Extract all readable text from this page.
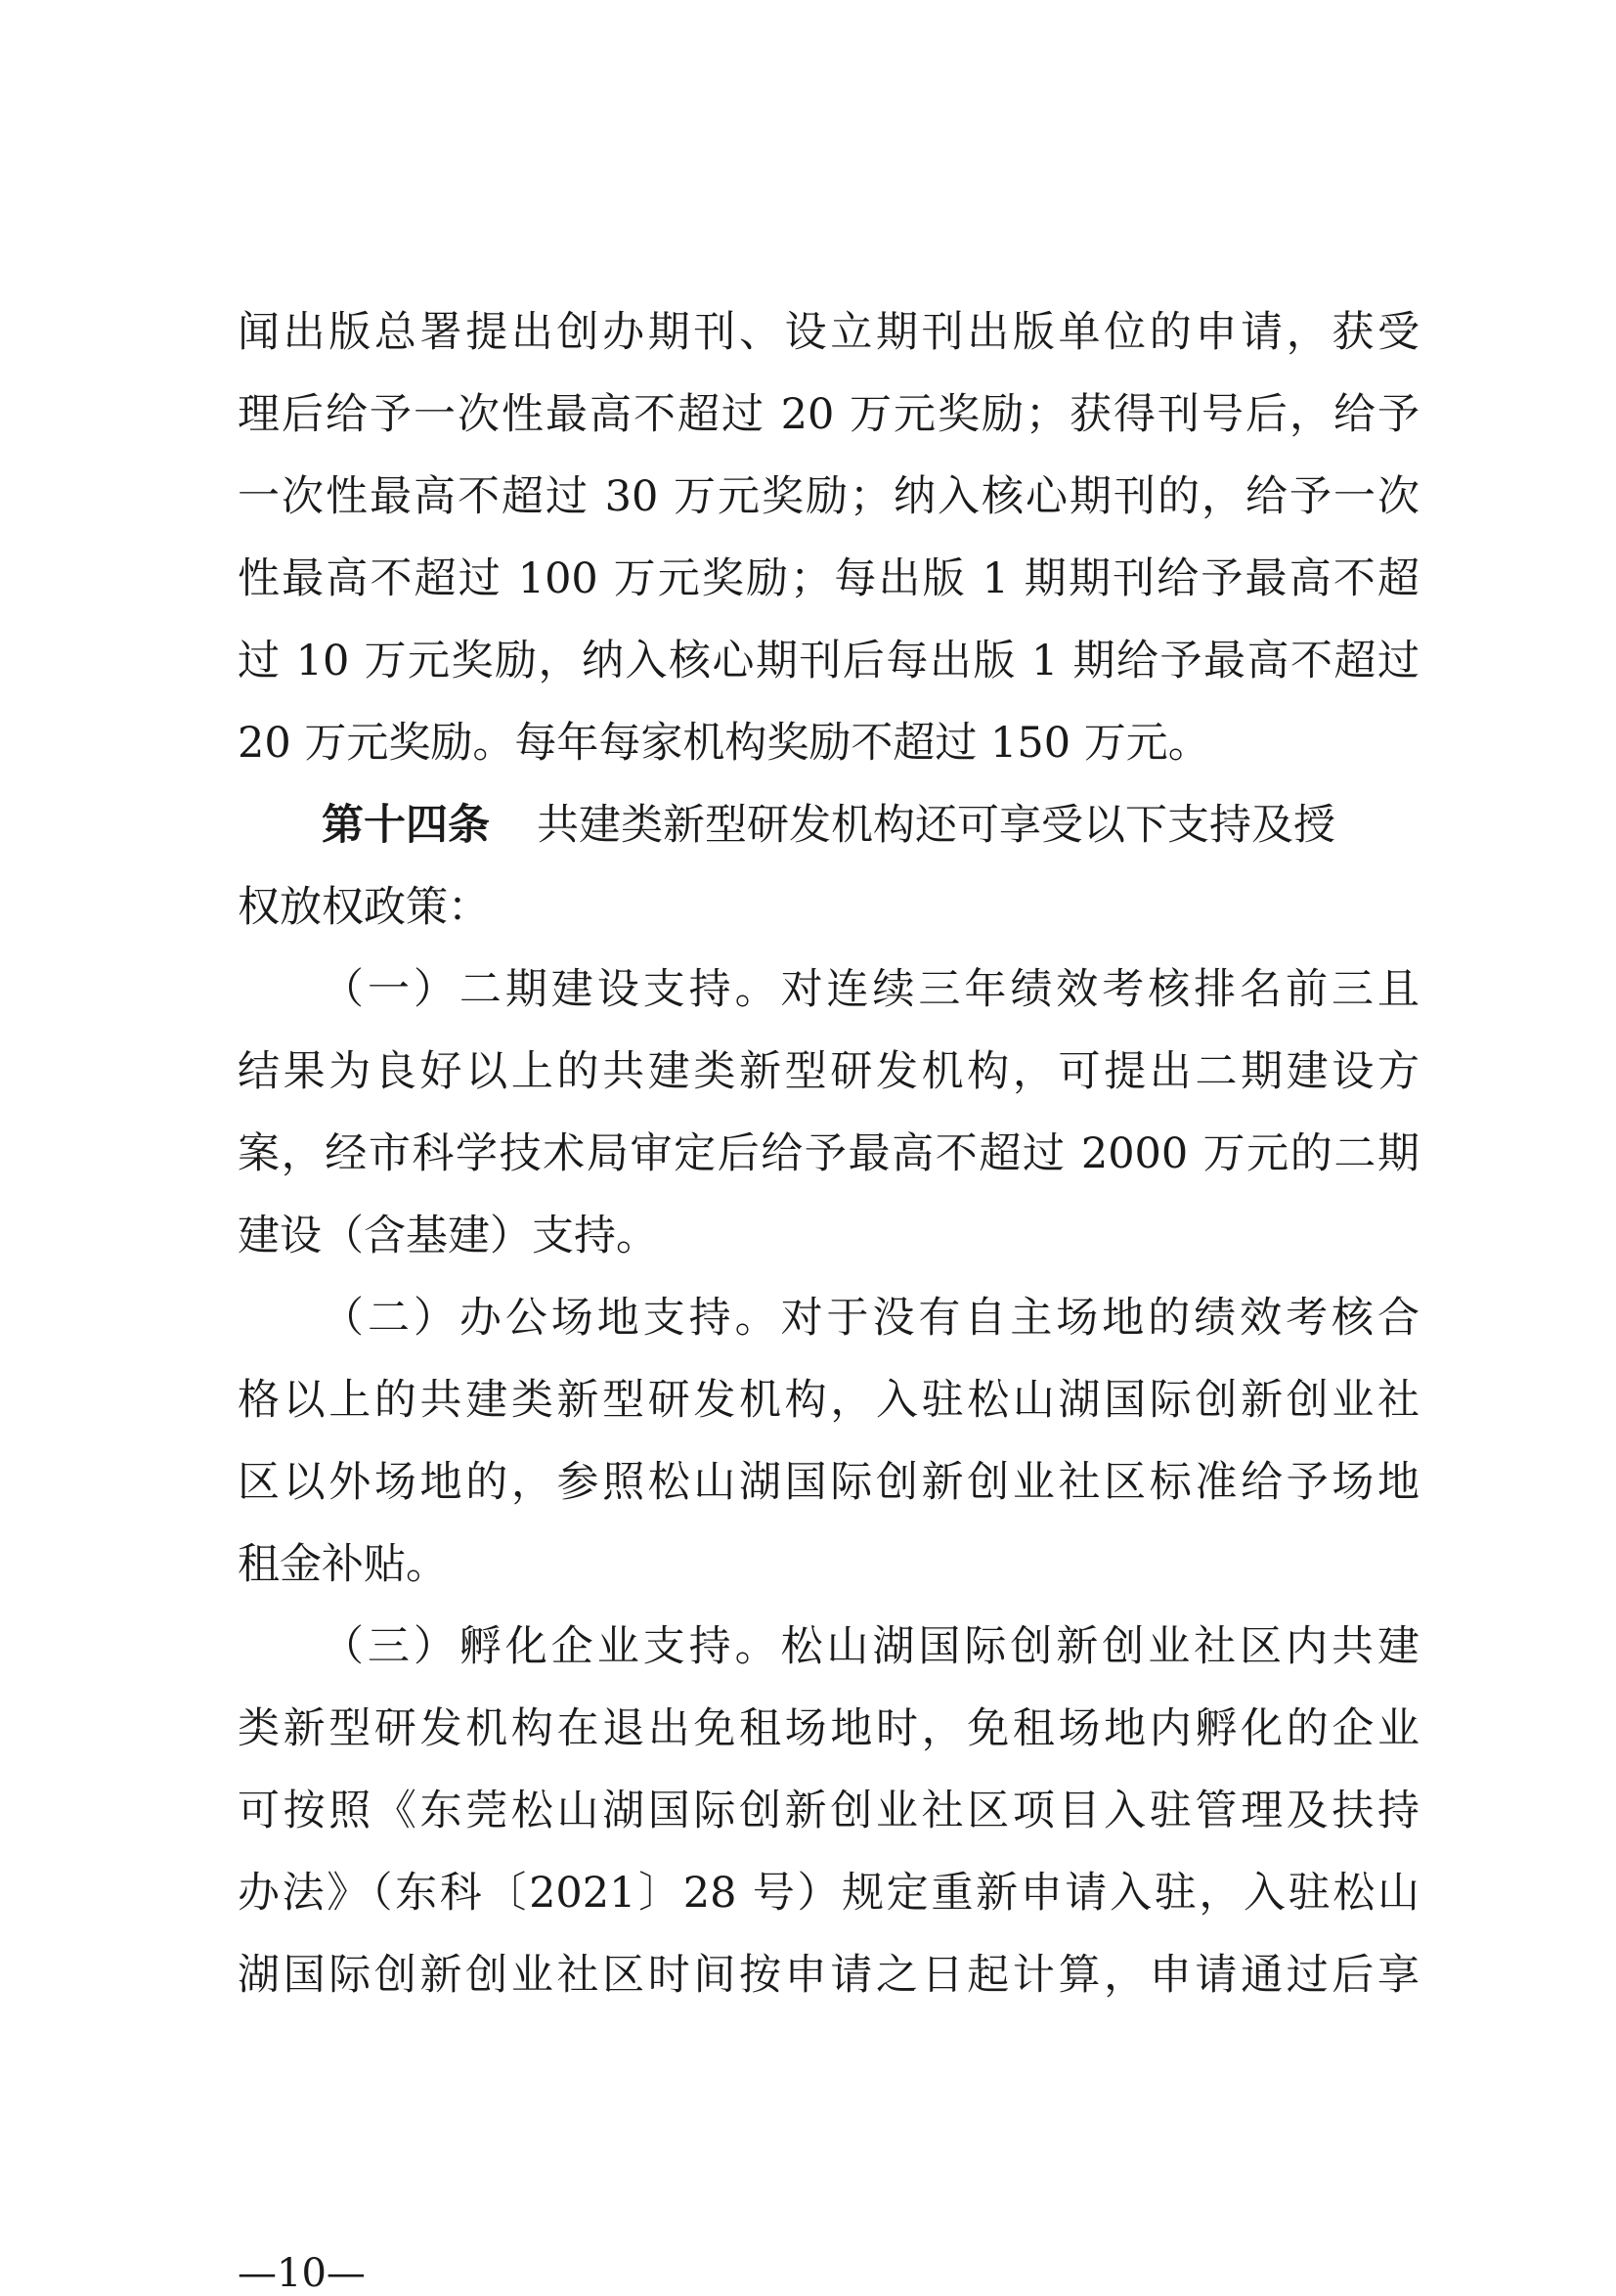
闻出版总署提出创办期刊、设立期刊出版单位的申请，获受
理后给予一次性最高不超过 20 万元奖励；获得刊号后，给予
一次性最高不超过 30 万元奖励；纳入核心期刊的，给予一次
性最高不超过 100 万元奖励；每出版 1 期期刊给予最高不超
过 10 万元奖励，纳入核心期刊后每出版 1 期给予最高不超过
20 万元奖励。每年每家机构奖励不超过 150 万元。
第十四条 共建类新型研发机构还可享受以下支持及授
权放权政策：
（一）二期建设支持。对连续三年绩效考核排名前三且
结果为良好以上的共建类新型研发机构，可提出二期建设方
案，经市科学技术局审定后给予最高不超过 2000 万元的二期
建设（含基建）支持。
（二）办公场地支持。对于没有自主场地的绩效考核合
格以上的共建类新型研发机构，入驻松山湖国际创新创业社
区以外场地的，参照松山湖国际创新创业社区标准给予场地
租金补贴。
（三）孵化企业支持。松山湖国际创新创业社区内共建
类新型研发机构在退出免租场地时，免租场地内孵化的企业
可按照《东莞松山湖国际创新创业社区项目入驻管理及扶持
办法》（东科〔2021〕28 号）规定重新申请入驻，入驻松山
湖国际创新创业社区时间按申请之日起计算，申请通过后享
—10—
